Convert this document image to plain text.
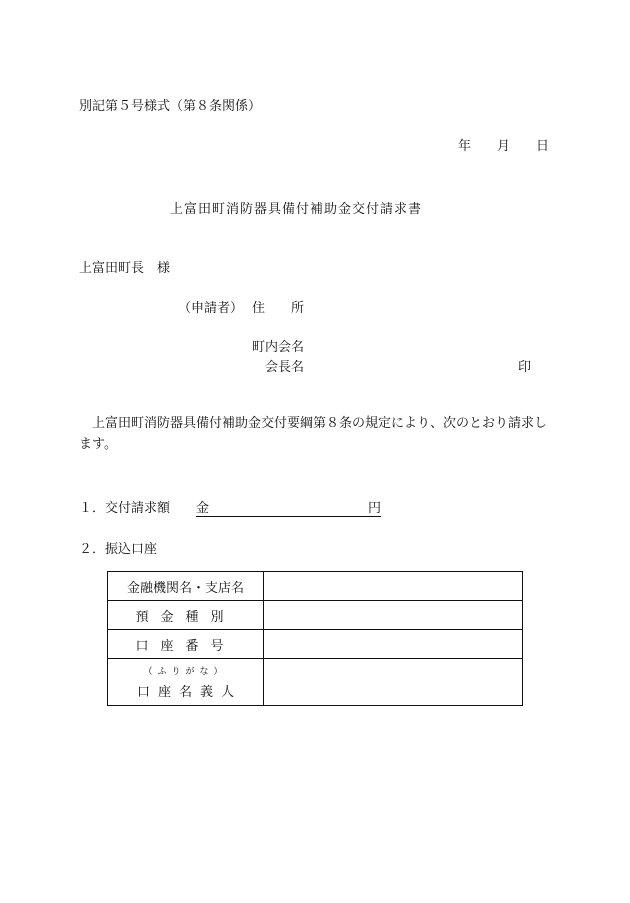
別記第５号様式（第８条関係）
年 月 日
上富田町消防器具備付補助金交付請求書
上富田町長 様
（申請者） 住 所
町内会名
会長名	印
上富田町消防器具備付補助金交付要綱第８条の規定により、次のとおり請求します。
１．交付請求額 金	円
２．振込口座
金融機関名・支店名	
預金種別	
口座番号	

（ふりがな）
口座名義人	
